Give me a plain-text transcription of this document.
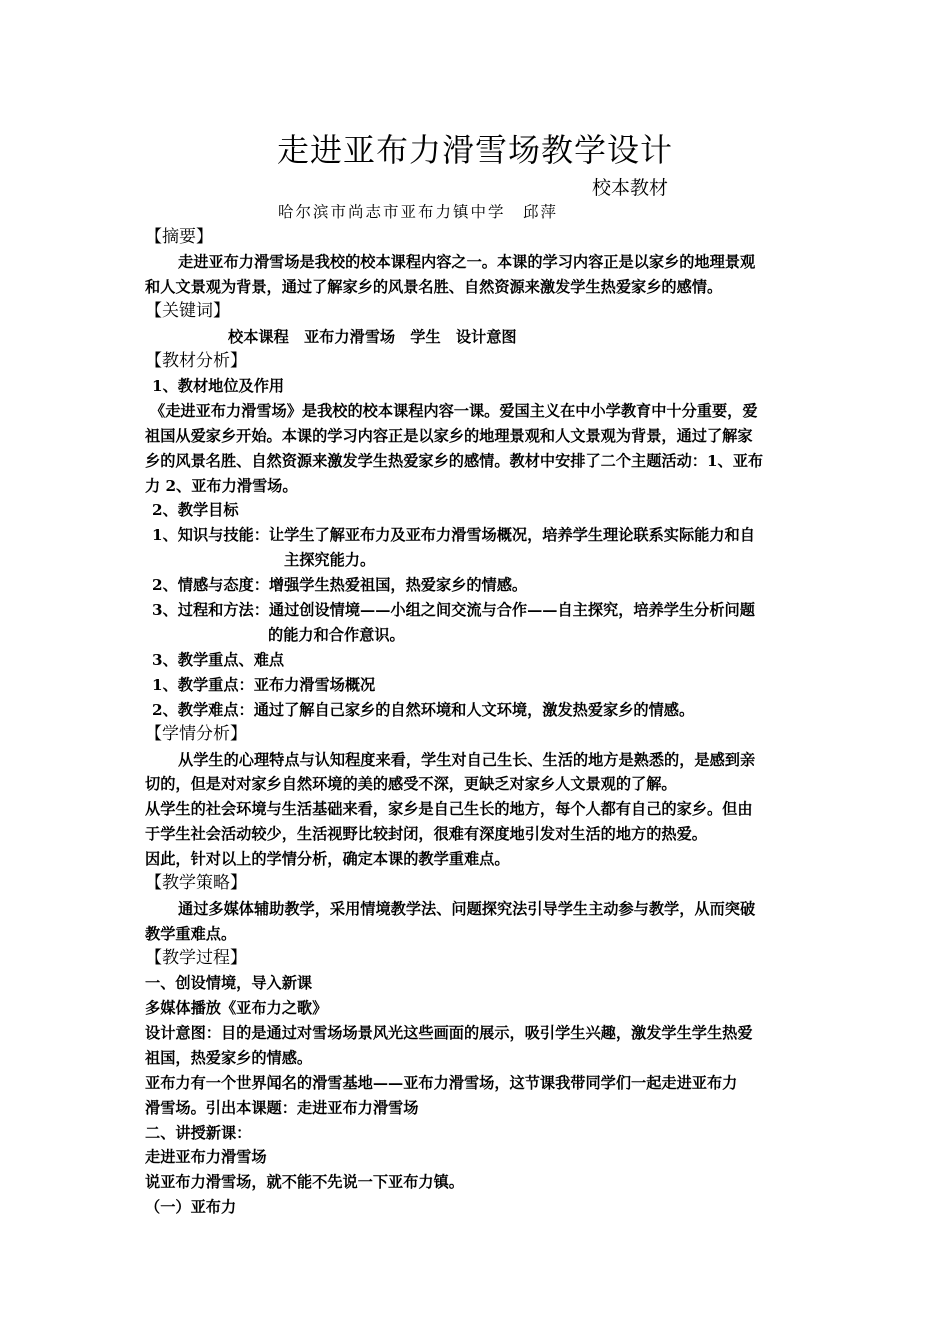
走进亚布力滑雪场教学设计
校本教材
哈尔滨市尚志市亚布力镇中学　邱萍
【摘要】
走进亚布力滑雪场是我校的校本课程内容之一。本课的学习内容正是以家乡的地理景观
和人文景观为背景，通过了解家乡的风景名胜、自然资源来激发学生热爱家乡的感情。
【关键词】
校本课程　亚布力滑雪场　学生　设计意图
【教材分析】
1、教材地位及作用
《走进亚布力滑雪场》是我校的校本课程内容一课。爱国主义在中小学教育中十分重要，爱
祖国从爱家乡开始。本课的学习内容正是以家乡的地理景观和人文景观为背景，通过了解家
乡的风景名胜、自然资源来激发学生热爱家乡的感情。教材中安排了二个主题活动：1、亚布
力 2、亚布力滑雪场。
2、教学目标
1、知识与技能：让学生了解亚布力及亚布力滑雪场概况，培养学生理论联系实际能力和自
主探究能力。
2、情感与态度：增强学生热爱祖国，热爱家乡的情感。
3、过程和方法：通过创设情境——小组之间交流与合作——自主探究，培养学生分析问题
的能力和合作意识。
3、教学重点、难点
1、教学重点：亚布力滑雪场概况
2、教学难点：通过了解自己家乡的自然环境和人文环境，激发热爱家乡的情感。
【学情分析】
从学生的心理特点与认知程度来看，学生对自己生长、生活的地方是熟悉的，是感到亲
切的，但是对对家乡自然环境的美的感受不深，更缺乏对家乡人文景观的了解。
从学生的社会环境与生活基础来看，家乡是自己生长的地方，每个人都有自己的家乡。但由
于学生社会活动较少，生活视野比较封闭，很难有深度地引发对生活的地方的热爱。
因此，针对以上的学情分析，确定本课的教学重难点。
【教学策略】
通过多媒体辅助教学，采用情境教学法、问题探究法引导学生主动参与教学，从而突破
教学重难点。
【教学过程】
一、创设情境，导入新课
多媒体播放《亚布力之歌》
设计意图：目的是通过对雪场场景风光这些画面的展示，吸引学生兴趣，激发学生学生热爱
祖国，热爱家乡的情感。
亚布力有一个世界闻名的滑雪基地——亚布力滑雪场，这节课我带同学们一起走进亚布力
滑雪场。引出本课题：走进亚布力滑雪场
二、讲授新课：
走进亚布力滑雪场
说亚布力滑雪场，就不能不先说一下亚布力镇。
（一）亚布力
